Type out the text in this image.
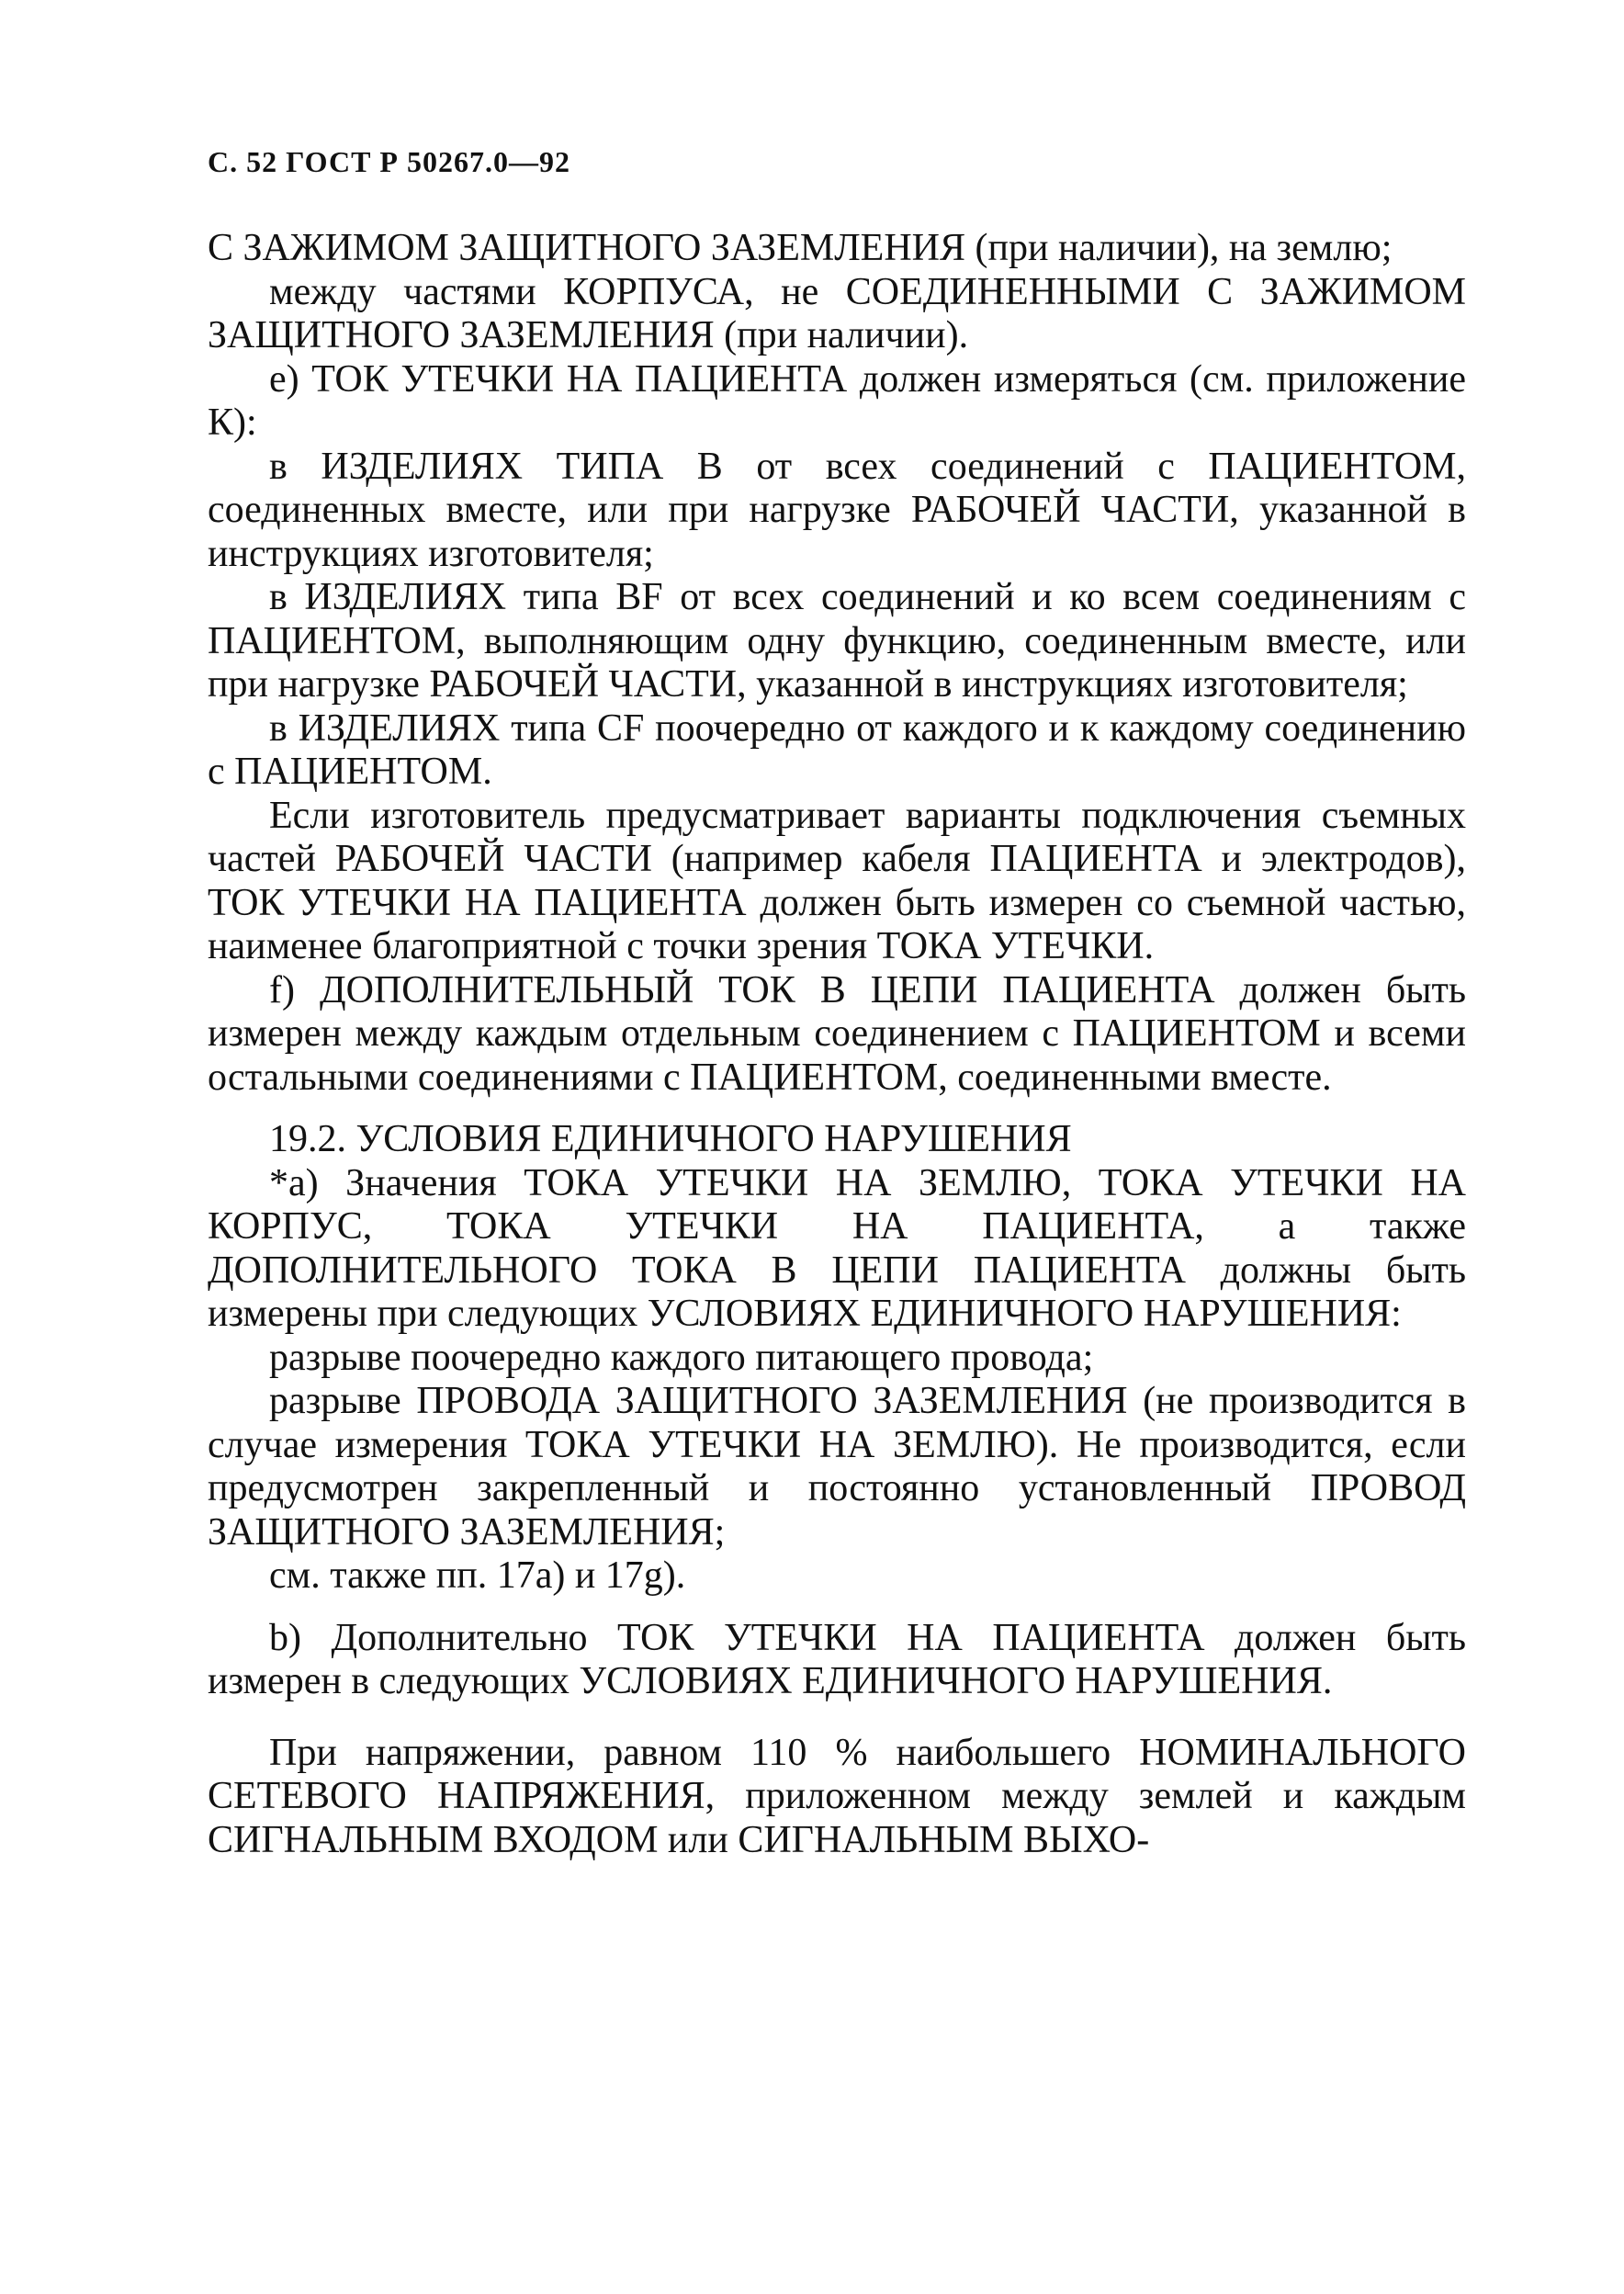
С. 52 ГОСТ Р 50267.0—92

С ЗАЖИМОМ ЗАЩИТНОГО ЗАЗЕМЛЕНИЯ (при наличии), на землю;

между частями КОРПУСА, не СОЕДИНЕННЫМИ С ЗАЖИМОМ ЗАЩИТНОГО ЗАЗЕМЛЕНИЯ (при наличии).

е) ТОК УТЕЧКИ НА ПАЦИЕНТА должен измеряться (см. приложение К):

в ИЗДЕЛИЯХ ТИПА В от всех соединений с ПАЦИЕНТОМ, соединенных вместе, или при нагрузке РАБОЧЕЙ ЧАСТИ, указанной в инструкциях изготовителя;

в ИЗДЕЛИЯХ типа BF от всех соединений и ко всем соединениям с ПАЦИЕНТОМ, выполняющим одну функцию, соединенным вместе, или при нагрузке РАБОЧЕЙ ЧАСТИ, указанной в инструкциях изготовителя;

в ИЗДЕЛИЯХ типа CF поочередно от каждого и к каждому соединению с ПАЦИЕНТОМ.

Если изготовитель предусматривает варианты подключения съемных частей РАБОЧЕЙ ЧАСТИ (например кабеля ПАЦИЕНТА и электродов), ТОК УТЕЧКИ НА ПАЦИЕНТА должен быть измерен со съемной частью, наименее благоприятной с точки зрения ТОКА УТЕЧКИ.

f) ДОПОЛНИТЕЛЬНЫЙ ТОК В ЦЕПИ ПАЦИЕНТА должен быть измерен между каждым отдельным соединением с ПАЦИЕНТОМ и всеми остальными соединениями с ПАЦИЕНТОМ, соединенными вместе.

19.2. УСЛОВИЯ ЕДИНИЧНОГО НАРУШЕНИЯ

*а) Значения ТОКА УТЕЧКИ НА ЗЕМЛЮ, ТОКА УТЕЧКИ НА КОРПУС, ТОКА УТЕЧКИ НА ПАЦИЕНТА, а также ДОПОЛНИТЕЛЬНОГО ТОКА В ЦЕПИ ПАЦИЕНТА должны быть измерены при следующих УСЛОВИЯХ ЕДИНИЧНОГО НАРУШЕНИЯ:

разрыве поочередно каждого питающего провода;

разрыве ПРОВОДА ЗАЩИТНОГО ЗАЗЕМЛЕНИЯ (не производится в случае измерения ТОКА УТЕЧКИ НА ЗЕМЛЮ). Не производится, если предусмотрен закрепленный и постоянно установленный ПРОВОД ЗАЩИТНОГО ЗАЗЕМЛЕНИЯ;

см. также пп. 17а) и 17g).

b) Дополнительно ТОК УТЕЧКИ НА ПАЦИЕНТА должен быть измерен в следующих УСЛОВИЯХ ЕДИНИЧНОГО НАРУШЕНИЯ.

При напряжении, равном 110 % наибольшего НОМИНАЛЬНОГО СЕТЕВОГО НАПРЯЖЕНИЯ, приложенном между землей и каждым СИГНАЛЬНЫМ ВХОДОМ или СИГНАЛЬНЫМ ВЫХО-
